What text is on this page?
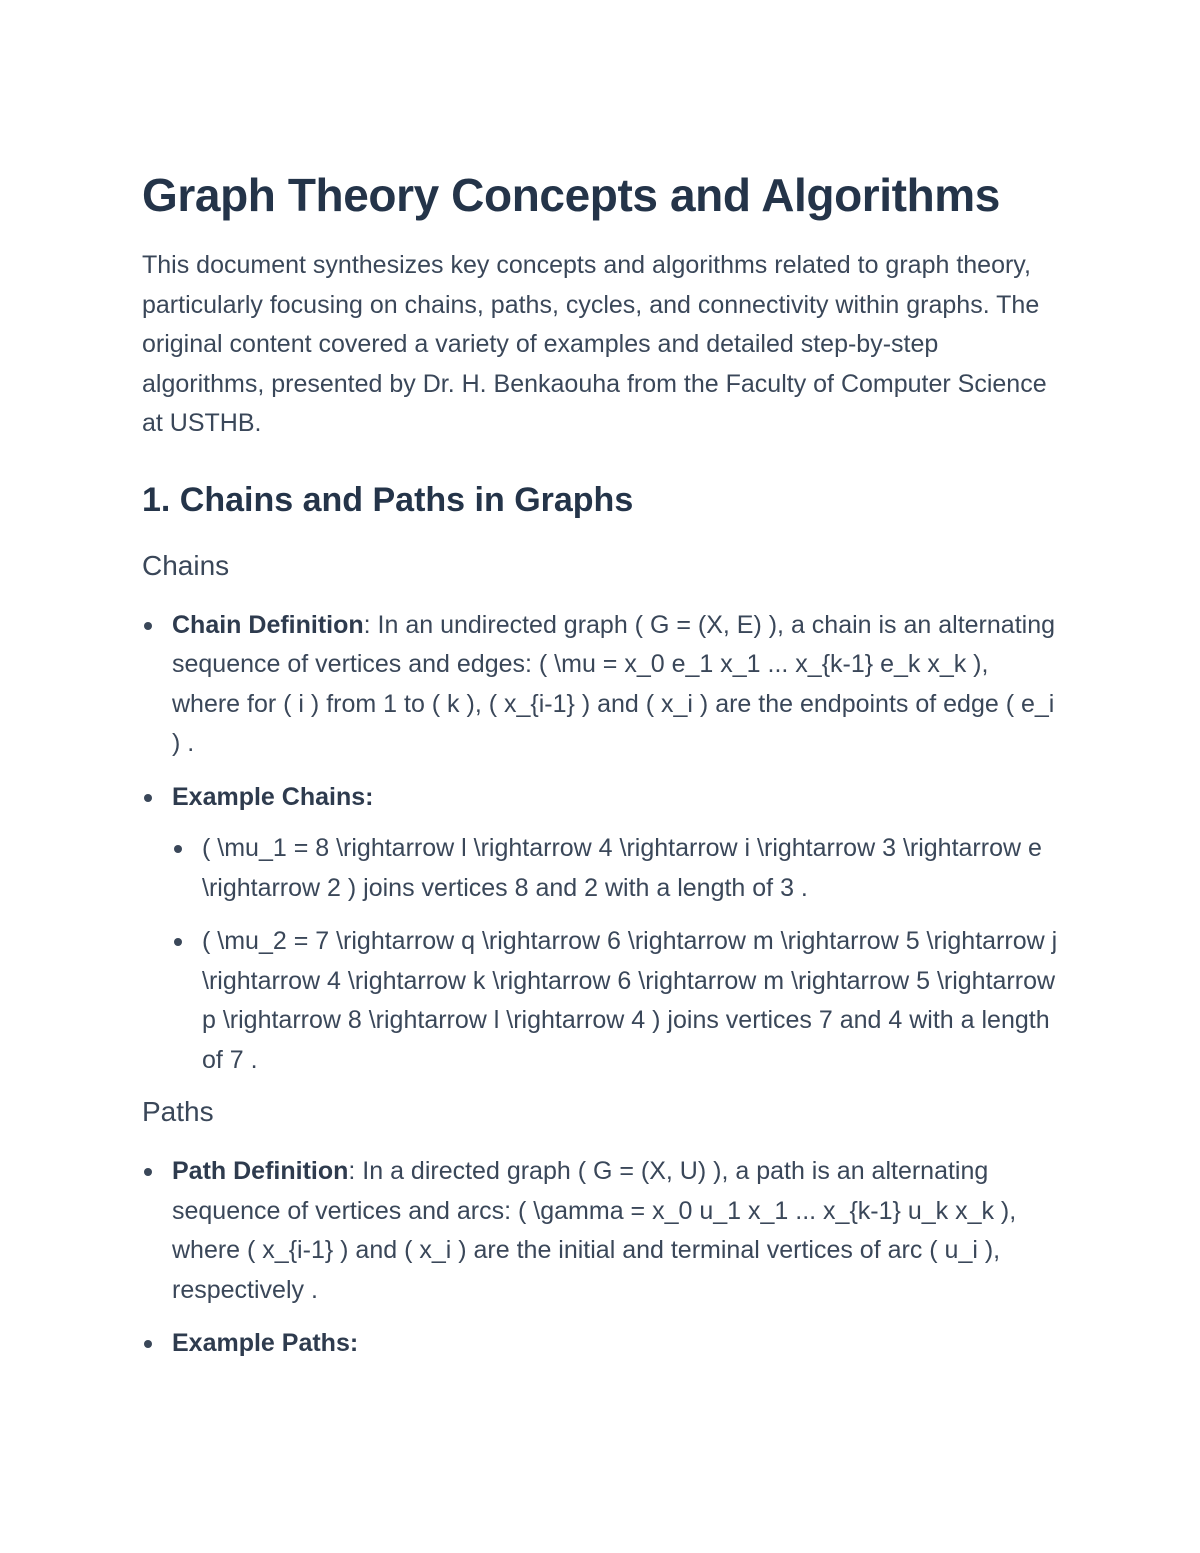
Graph Theory Concepts and Algorithms

This document synthesizes key concepts and algorithms related to graph theory, particularly focusing on chains, paths, cycles, and connectivity within graphs. The original content covered a variety of examples and detailed step-by-step algorithms, presented by Dr. H. Benkaouha from the Faculty of Computer Science at USTHB.

1. Chains and Paths in Graphs
Chains
Chain Definition: In an undirected graph ( G = (X, E) ), a chain is an alternating sequence of vertices and edges: ( \mu = x_0 e_1 x_1 ... x_{k-1} e_k x_k ), where for ( i ) from 1 to ( k ), ( x_{i-1} ) and ( x_i ) are the endpoints of edge ( e_i ) .
Example Chains:
( \mu_1 = 8 \rightarrow l \rightarrow 4 \rightarrow i \rightarrow 3 \rightarrow e \rightarrow 2 ) joins vertices 8 and 2 with a length of 3 .
( \mu_2 = 7 \rightarrow q \rightarrow 6 \rightarrow m \rightarrow 5 \rightarrow j \rightarrow 4 \rightarrow k \rightarrow 6 \rightarrow m \rightarrow 5 \rightarrow p \rightarrow 8 \rightarrow l \rightarrow 4 ) joins vertices 7 and 4 with a length of 7 .
Paths
Path Definition: In a directed graph ( G = (X, U) ), a path is an alternating sequence of vertices and arcs: ( \gamma = x_0 u_1 x_1 ... x_{k-1} u_k x_k ), where ( x_{i-1} ) and ( x_i ) are the initial and terminal vertices of arc ( u_i ), respectively .
Example Paths:
